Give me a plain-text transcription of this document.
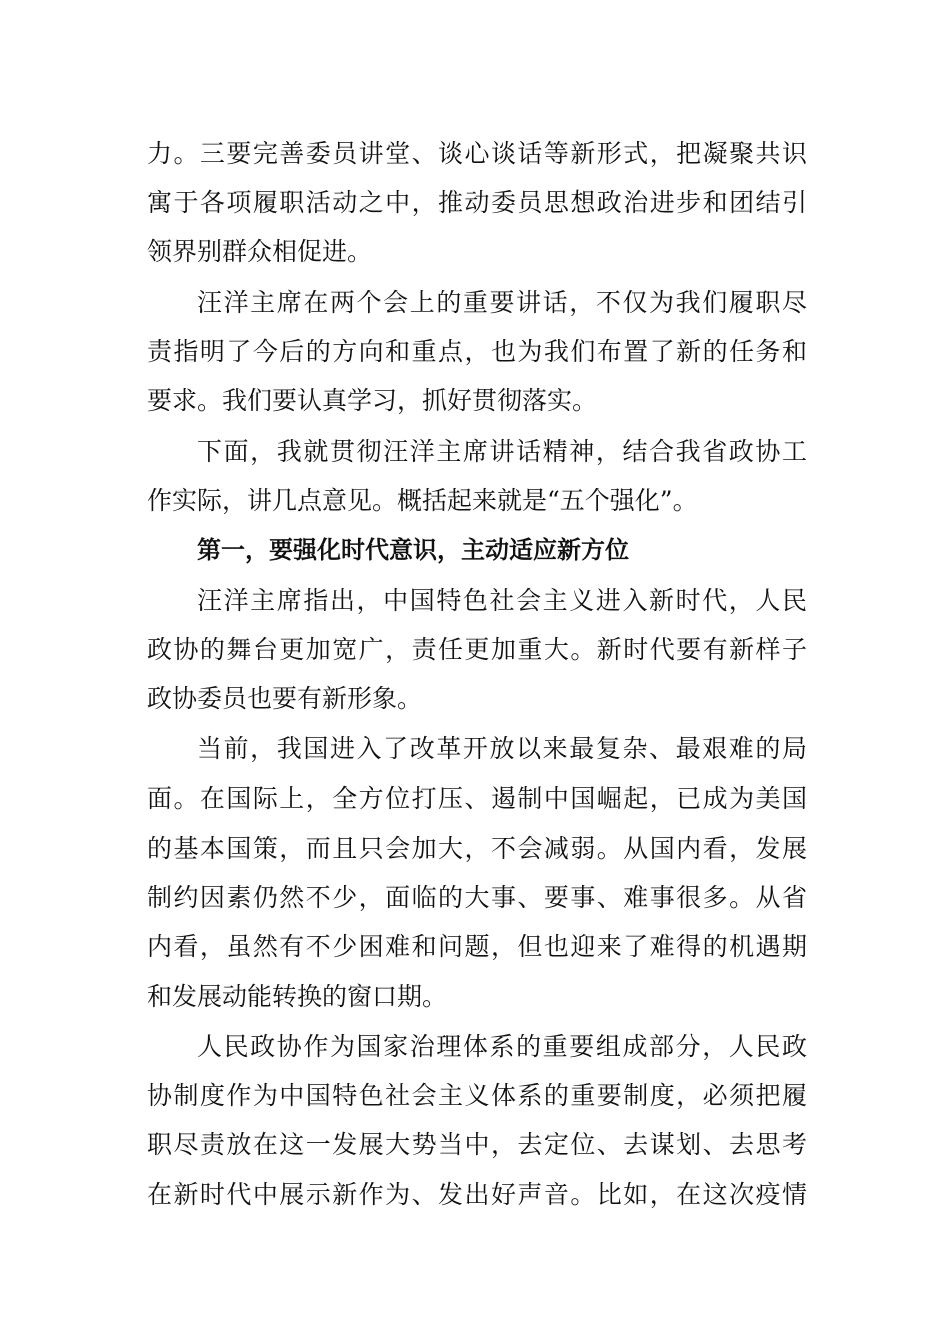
力。三要完善委员讲堂、谈心谈话等新形式，把凝聚共识
寓于各项履职活动之中，推动委员思想政治进步和团结引
领界别群众相促进。
汪洋主席在两个会上的重要讲话，不仅为我们履职尽
责指明了今后的方向和重点，也为我们布置了新的任务和
要求。我们要认真学习，抓好贯彻落实。
下面，我就贯彻汪洋主席讲话精神，结合我省政协工
作实际，讲几点意见。概括起来就是“五个强化”。
第一，要强化时代意识，主动适应新方位
汪洋主席指出，中国特色社会主义进入新时代，人民
政协的舞台更加宽广，责任更加重大。新时代要有新样子
政协委员也要有新形象。
当前，我国进入了改革开放以来最复杂、最艰难的局
面。在国际上，全方位打压、遏制中国崛起，已成为美国
的基本国策，而且只会加大，不会减弱。从国内看，发展
制约因素仍然不少，面临的大事、要事、难事很多。从省
内看，虽然有不少困难和问题，但也迎来了难得的机遇期
和发展动能转换的窗口期。
人民政协作为国家治理体系的重要组成部分，人民政
协制度作为中国特色社会主义体系的重要制度，必须把履
职尽责放在这一发展大势当中，去定位、去谋划、去思考
在新时代中展示新作为、发出好声音。比如，在这次疫情
